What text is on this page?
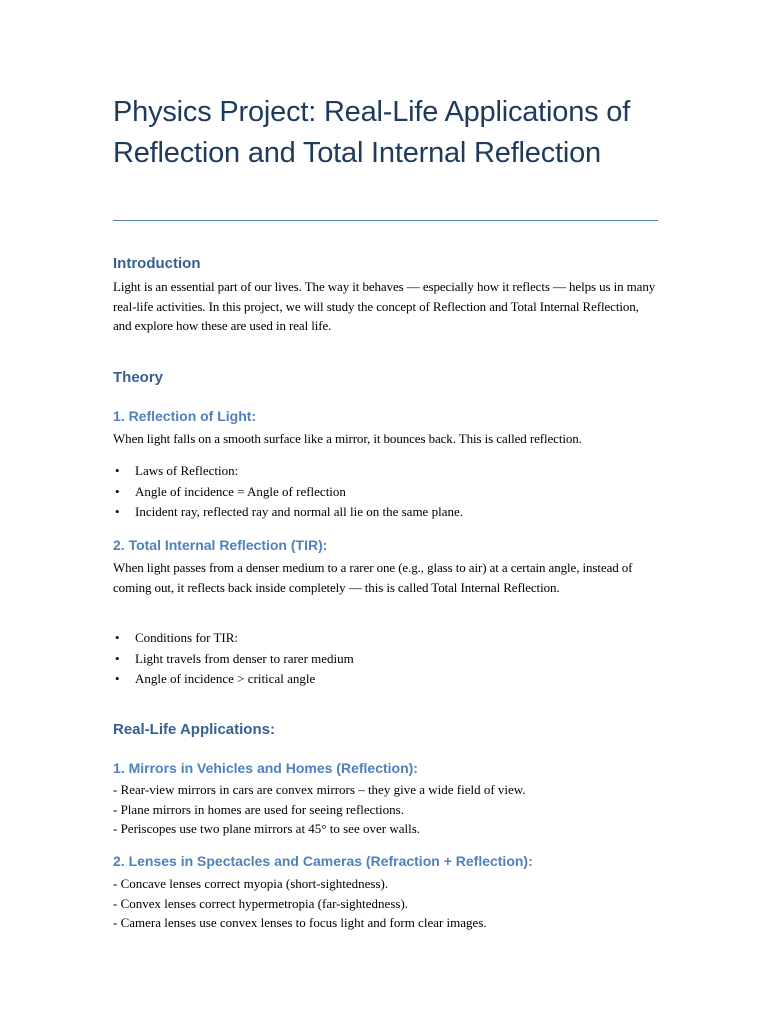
Physics Project: Real-Life Applications of Reflection and Total Internal Reflection
Introduction
Light is an essential part of our lives. The way it behaves — especially how it reflects — helps us in many real-life activities. In this project, we will study the concept of Reflection and Total Internal Reflection, and explore how these are used in real life.
Theory
1. Reflection of Light:
When light falls on a smooth surface like a mirror, it bounces back. This is called reflection.
• Laws of Reflection:
• Angle of incidence = Angle of reflection
• Incident ray, reflected ray and normal all lie on the same plane.
2. Total Internal Reflection (TIR):
When light passes from a denser medium to a rarer one (e.g., glass to air) at a certain angle, instead of coming out, it reflects back inside completely — this is called Total Internal Reflection.
• Conditions for TIR:
• Light travels from denser to rarer medium
• Angle of incidence > critical angle
Real-Life Applications:
1. Mirrors in Vehicles and Homes (Reflection):
- Rear-view mirrors in cars are convex mirrors – they give a wide field of view.
- Plane mirrors in homes are used for seeing reflections.
- Periscopes use two plane mirrors at 45° to see over walls.
2. Lenses in Spectacles and Cameras (Refraction + Reflection):
- Concave lenses correct myopia (short-sightedness).
- Convex lenses correct hypermetropia (far-sightedness).
- Camera lenses use convex lenses to focus light and form clear images.
